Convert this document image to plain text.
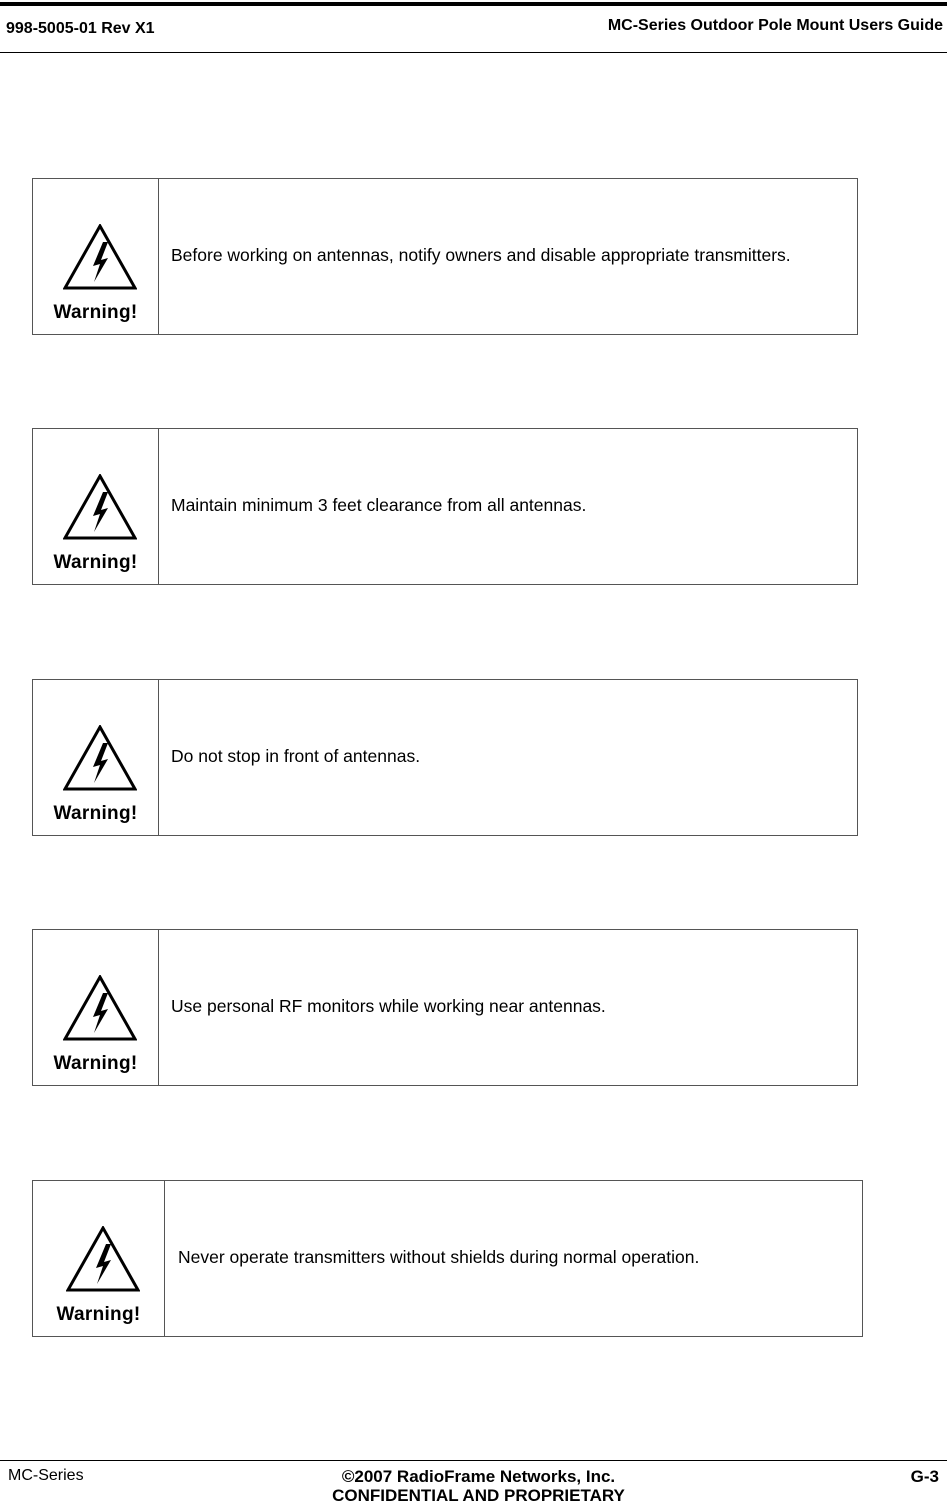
998-5005-01 Rev X1	MC-Series Outdoor Pole Mount Users Guide
Warning!
Before working on antennas, notify owners and disable appropriate transmitters.
Warning!
Maintain minimum 3 feet clearance from all antennas.
Warning!
Do not stop in front of antennas.
Warning!
Use personal RF monitors while working near antennas.
Warning!
Never operate transmitters without shields during normal operation.
MC-Series	©2007 RadioFrame Networks, Inc.
CONFIDENTIAL AND PROPRIETARY
G-3
